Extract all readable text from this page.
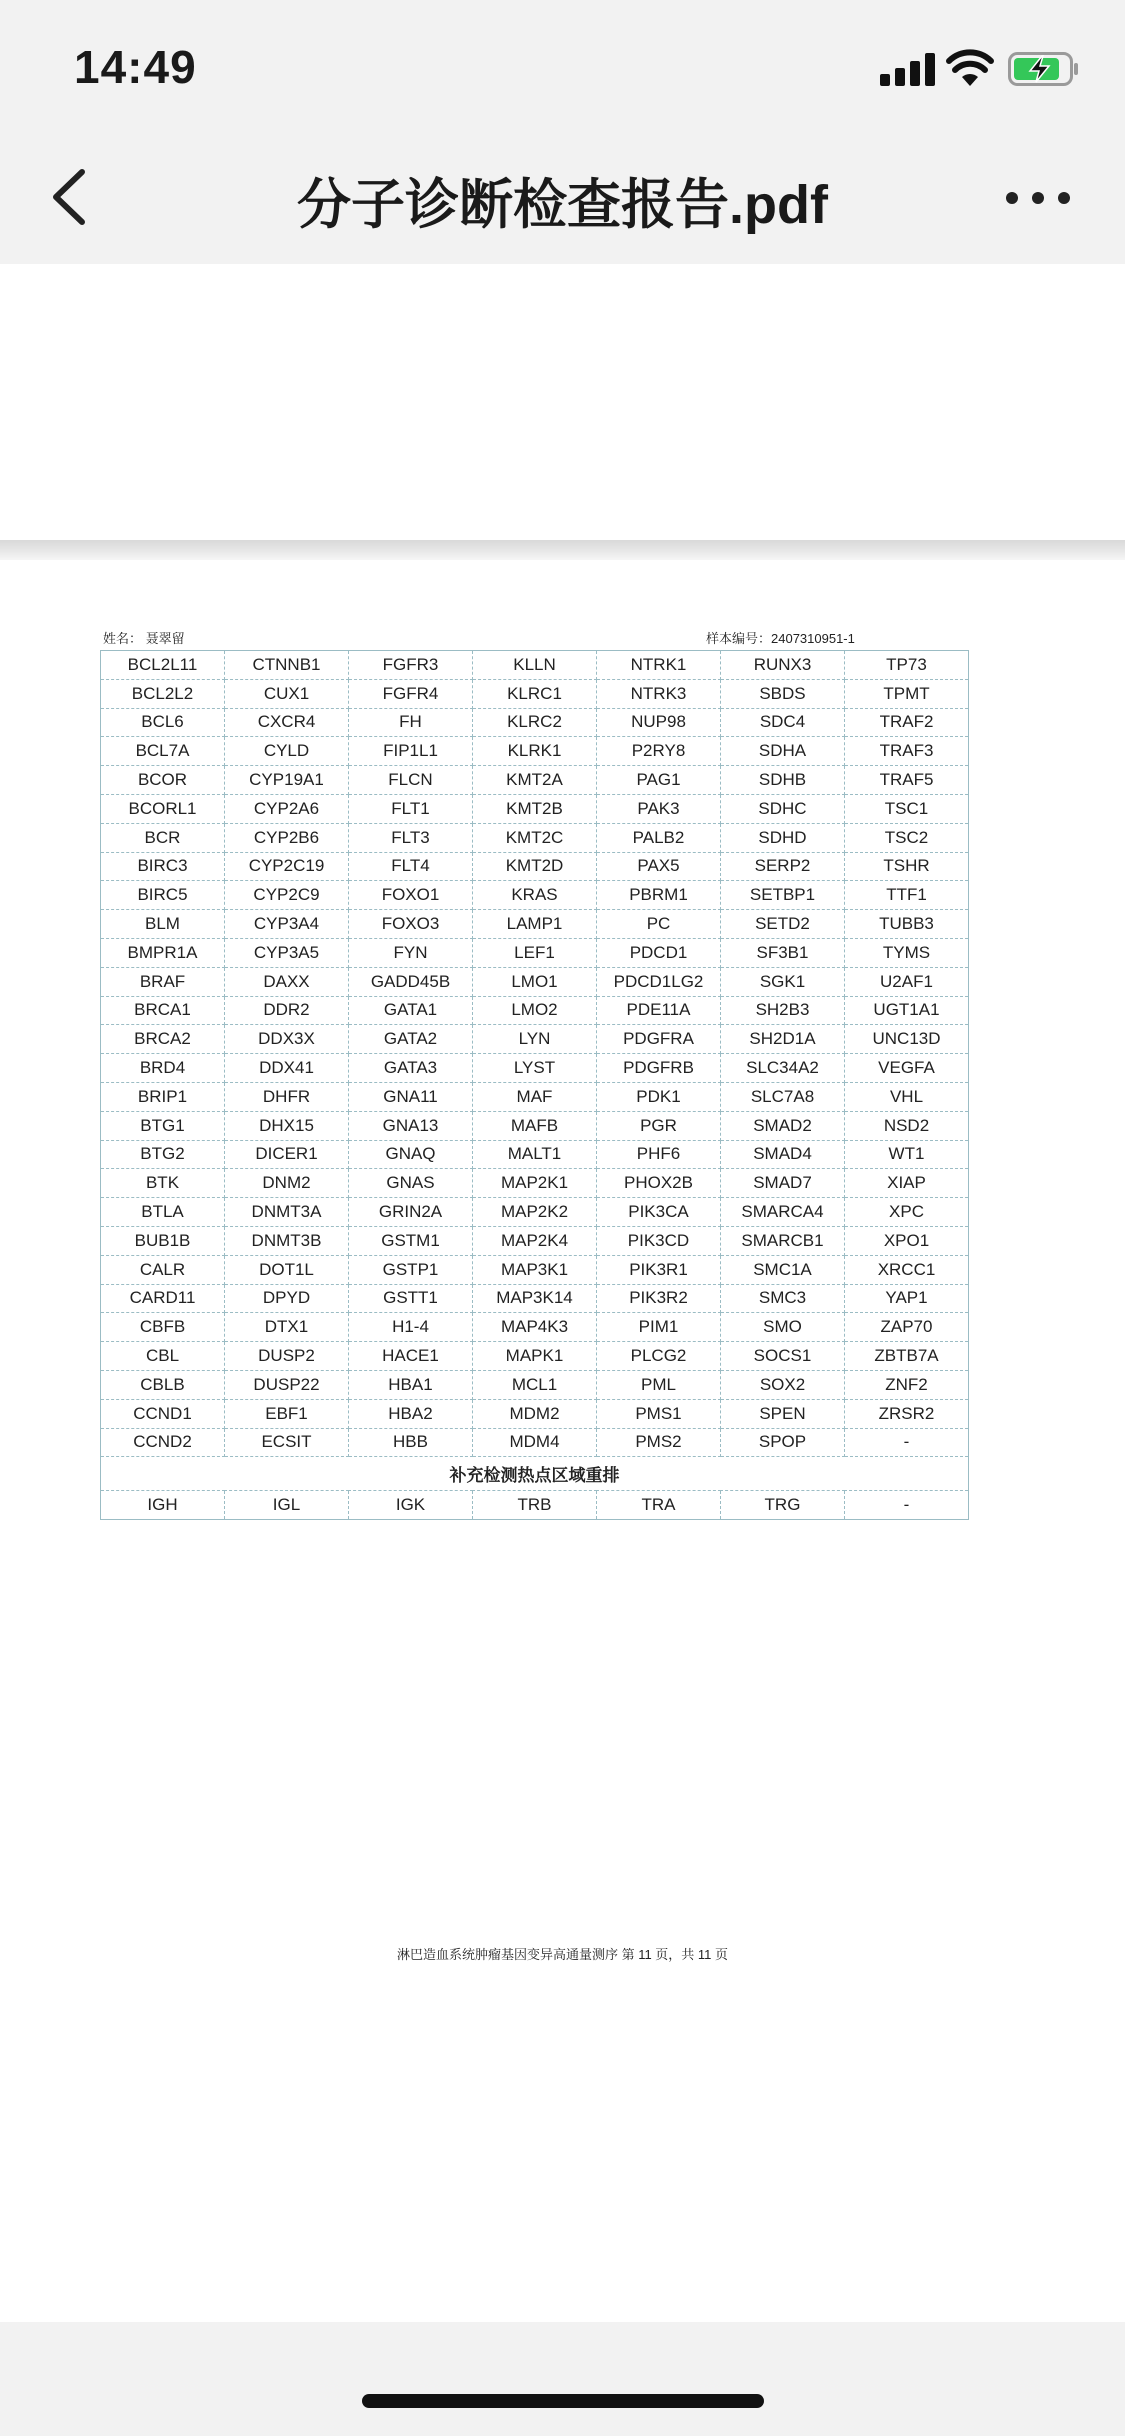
14:49
分子诊断检查报告.pdf
姓名： 聂翠留	样本编号：2407310951-1
BCL2L11	CTNNB1	FGFR3	KLLN	NTRK1	RUNX3	TP73
BCL2L2	CUX1	FGFR4	KLRC1	NTRK3	SBDS	TPMT
BCL6	CXCR4	FH	KLRC2	NUP98	SDC4	TRAF2
BCL7A	CYLD	FIP1L1	KLRK1	P2RY8	SDHA	TRAF3
BCOR	CYP19A1	FLCN	KMT2A	PAG1	SDHB	TRAF5
BCORL1	CYP2A6	FLT1	KMT2B	PAK3	SDHC	TSC1
BCR	CYP2B6	FLT3	KMT2C	PALB2	SDHD	TSC2
BIRC3	CYP2C19	FLT4	KMT2D	PAX5	SERP2	TSHR
BIRC5	CYP2C9	FOXO1	KRAS	PBRM1	SETBP1	TTF1
BLM	CYP3A4	FOXO3	LAMP1	PC	SETD2	TUBB3
BMPR1A	CYP3A5	FYN	LEF1	PDCD1	SF3B1	TYMS
BRAF	DAXX	GADD45B	LMO1	PDCD1LG2	SGK1	U2AF1
BRCA1	DDR2	GATA1	LMO2	PDE11A	SH2B3	UGT1A1
BRCA2	DDX3X	GATA2	LYN	PDGFRA	SH2D1A	UNC13D
BRD4	DDX41	GATA3	LYST	PDGFRB	SLC34A2	VEGFA
BRIP1	DHFR	GNA11	MAF	PDK1	SLC7A8	VHL
BTG1	DHX15	GNA13	MAFB	PGR	SMAD2	NSD2
BTG2	DICER1	GNAQ	MALT1	PHF6	SMAD4	WT1
BTK	DNM2	GNAS	MAP2K1	PHOX2B	SMAD7	XIAP
BTLA	DNMT3A	GRIN2A	MAP2K2	PIK3CA	SMARCA4	XPC
BUB1B	DNMT3B	GSTM1	MAP2K4	PIK3CD	SMARCB1	XPO1
CALR	DOT1L	GSTP1	MAP3K1	PIK3R1	SMC1A	XRCC1
CARD11	DPYD	GSTT1	MAP3K14	PIK3R2	SMC3	YAP1
CBFB	DTX1	H1-4	MAP4K3	PIM1	SMO	ZAP70
CBL	DUSP2	HACE1	MAPK1	PLCG2	SOCS1	ZBTB7A
CBLB	DUSP22	HBA1	MCL1	PML	SOX2	ZNF2
CCND1	EBF1	HBA2	MDM2	PMS1	SPEN	ZRSR2
CCND2	ECSIT	HBB	MDM4	PMS2	SPOP	-
补充检测热点区域重排						
IGH	IGL	IGK	TRB	TRA	TRG	-
淋巴造血系统肿瘤基因变异高通量测序 第 11 页，共 11 页
